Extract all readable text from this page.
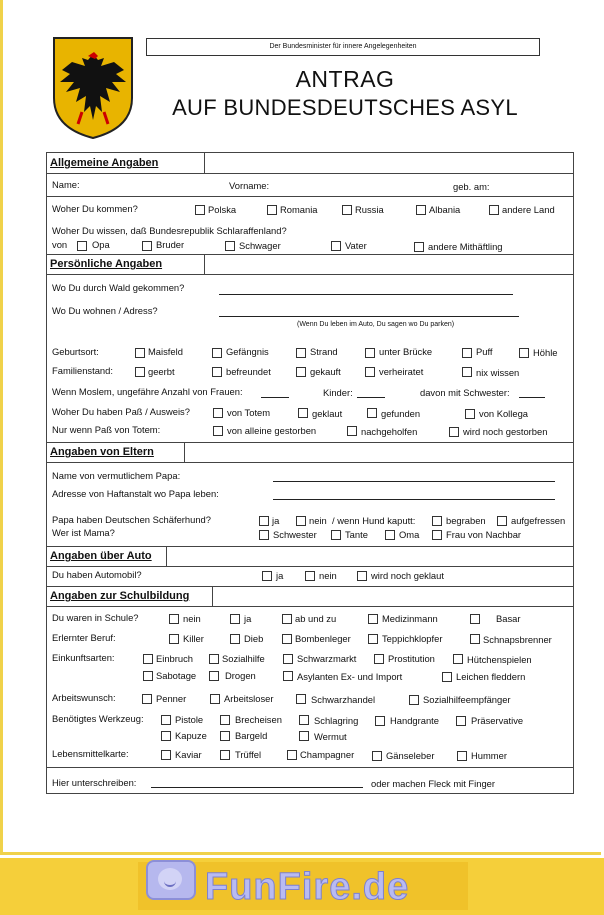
Der Bundesminister für innere Angelegenheiten
ANTRAG
AUF BUNDESDEUTSCHES ASYL
Allgemeine Angaben
Name:	Vorname:	geb. am:
Woher Du kommen?	Polska	Romania	Russia	Albania	andere Land
Woher Du wissen, daß Bundesrepublik Schlaraffenland?
von	Opa	Bruder	Schwager	Vater	andere Mithäftling
Persönliche Angaben
Wo Du durch Wald gekommen?
Wo Du wohnen / Adress?
(Wenn Du leben im Auto, Du sagen wo Du parken)
Geburtsort:	Maisfeld	Gefängnis	Strand	unter Brücke	Puff	Höhle
Familienstand:	geerbt	befreundet	gekauft	verheiratet	nix wissen
Wenn Moslem, ungefähre Anzahl von Frauen:	Kinder:	davon mit Schwester:
Woher Du haben Paß / Ausweis?	von Totem	geklaut	gefunden	von Kollega
Nur wenn Paß von Totem:	von alleine gestorben	nachgeholfen	wird noch gestorben
Angaben von Eltern
Name von vermutlichem Papa:
Adresse von Haftanstalt wo Papa leben:
Papa haben Deutschen Schäferhund?	ja	nein / wenn Hund kaputt:	begraben	aufgefressen
Wer ist Mama?	Schwester	Tante	Oma	Frau von Nachbar
Angaben über Auto
Du haben Automobil?	ja	nein	wird noch geklaut
Angaben zur Schulbildung
Du waren in Schule?	nein	ja	ab und zu	Medizinmann	Basar
Erlernter Beruf:	Killer	Dieb	Bombenleger	Teppichklopfer	Schnapsbrenner
Einkunftsarten:	Einbruch	Sozialhilfe	Schwarzmarkt	Prostitution	Hütchenspielen
Sabotage	Drogen	Asylanten Ex- und Import	Leichen fleddern
Arbeitswunsch:	Penner	Arbeitsloser	Schwarzhandel	Sozialhilfeempfänger
Benötigtes Werkzeug:	Pistole	Brecheisen	Schlagring	Handgrante	Präservative
Kapuze	Bargeld	Wermut
Lebensmittelkarte:	Kaviar	Trüffel	Champagner	Gänseleber	Hummer
Hier unterschreiben:	oder machen Fleck mit Finger
FunFire.de
